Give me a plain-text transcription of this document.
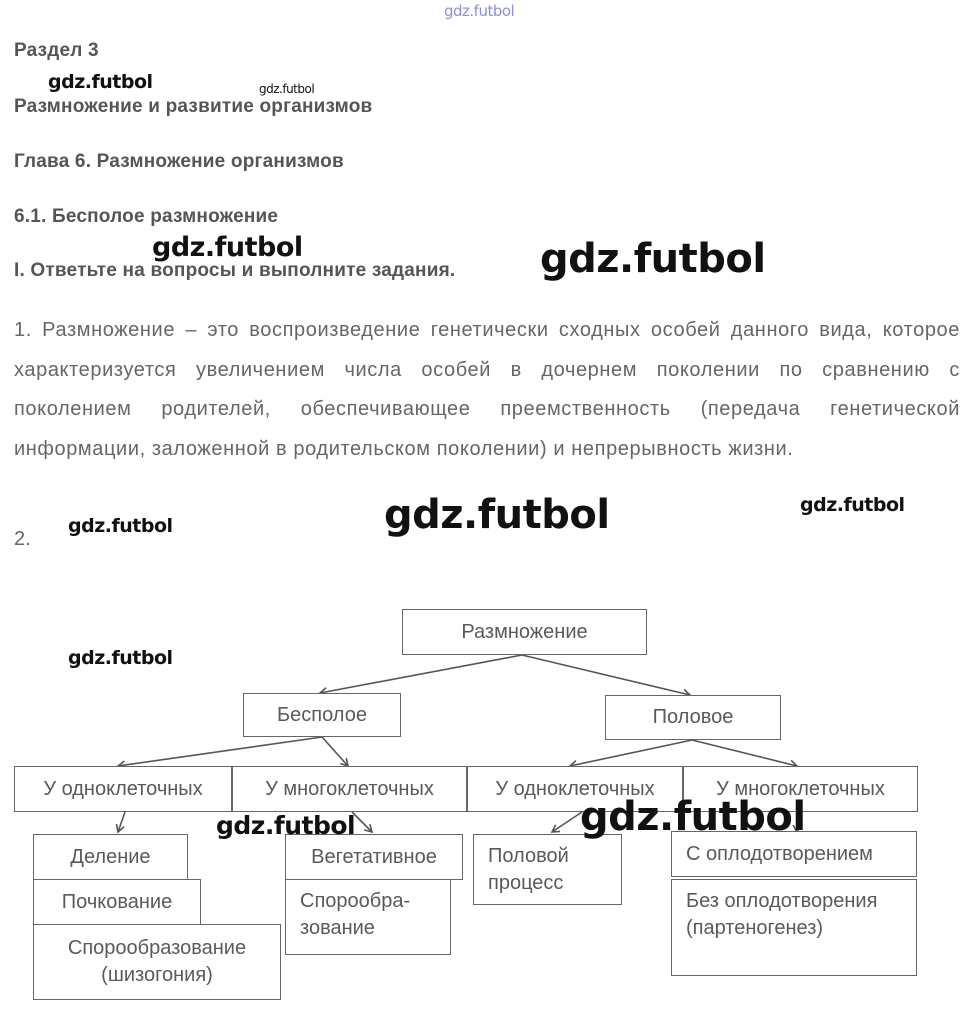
gdz.futbol
Раздел 3
Размножение и развитие организмов
Глава 6. Размножение организмов
6.1. Бесполое размножение
I. Ответьте на вопросы и выполните задания.
1. Размножение – это воспроизведение генетически сходных особей данного вида, которое характеризуется увеличением числа особей в дочернем поколении по сравнению с поколением родителей, обеспечивающее преемственность (передача генетической информации, заложенной в родительском поколении) и непрерывность жизни.
2.
Размножение
Бесполое	Половое
У одноклеточных	У многоклеточных	У одноклеточных	У многоклеточных
Деление
Почкование
Спорообразование (шизогония)
Вегетативное
Спорообра-зование
Половой процесс
С оплодотворением
Без оплодотворения (партеногенез)
gdz.futbol	gdz.futbol
gdz.futbol	gdz.futbol
gdz.futbol	gdz.futbol
gdz.futbol
gdz.futbol
gdz.futbol	gdz.futbol
